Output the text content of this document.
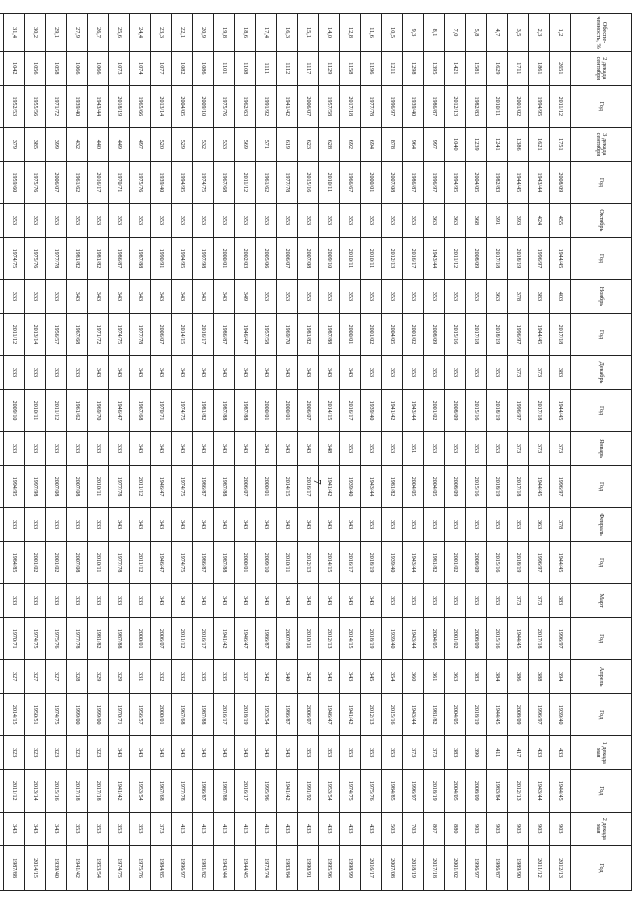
7
Обеспе-ченность, %	2 декада сентября	Год	3 декада сентября	Год	Октябрь	Год	Ноябрь	Год	Декабрь	Год	Январь	Год	Февраль	Год	Март	Год	Апрель	Год	1 декада мая	Год	2 декада мая	Год
1,2	2651	2011/12	1751	2008/09	455	1944/45	403	2017/18	383	1944/45	373	1996/97	378	1944/45	383	1996/97	394	1939/40	433	1944/45	903	2012/13
2,3	1861	1994/95	1621	1943/44	424	1996/97	383	1944/45	373	2017/18	373	1944/45	363	1996/97	373	2017/18	388	1996/97	433	1943/44	903	2011/12
3,5	1711	2001/02	1386	1944/45	393	2018/19	378	1996/97	373	1996/97	373	2017/18	353	2018/19	373	1944/45	386	2008/09	417	2012/13	903	1989/90
4,7	1629	2010/11	1241	1982/83	391	2017/18	363	2018/19	353	2018/19	353	2018/19	353	2015/16	353	2015/16	384	1944/45	411	1983/84	903	1986/87
5,8	1581	1982/83	1239	2004/05	368	2008/09	353	2017/18	353	2015/16	353	2015/16	353	2008/09	353	2008/09	383	2018/19	390	2008/09	903	1996/97
7,0	1421	2012/13	1040	1994/95	363	2011/12	353	2015/16	353	2008/09	353	2008/09	353	2001/02	353	2001/02	363	2004/05	383	2004/05	880	2001/02
8,1	1395	1986/87	997	1996/97	363	1943/44	353	2008/09	353	2001/02	353	2004/05	353	1981/82	353	2004/05	361	1981/82	373	2018/19	807	2017/18
9,3	1298	1939/40	964	1986/87	353	2016/17	353	2001/02	353	1943/44	351	2004/05	353	1943/44	353	1943/44	360	1943/44	373	1996/97	703	2018/19
10,5	1211	1996/97	878	2007/08	353	2012/13	353	2004/05	353	1941/42	353	1981/82	353	1939/40	353	1939/40	354	2015/16	353	1984/85	503	2007/08
11,6	1196	1977/78	694	2000/01	353	2010/11	353	2001/02	353	1939/40	353	1943/44	353	2018/19	343	2018/19	345	2012/13	353	1975/76	433	2016/17
12,8	1158	2017/18	692	1966/67	353	2010/11	353	2000/01	343	2016/17	353	1939/40	343	2016/17	343	2014/15	343	1941/42	353	1974/75	433	1998/99
14,0	1129	1957/58	628	2010/11	353	2009/10	353	1987/88	343	2014/15	348	1941/42	343	2014/15	343	2012/13	343	1946/47	353	1953/54	433	1995/96
15,1	1117	2006/07	623	2015/16	353	2007/08	353	1981/82	343	2006/07	343	2016/17	343	2012/13	343	2010/11	342	2006/07	353	1991/92	433	1990/91
16,3	1112	1941/42	619	1977/78	353	2006/07	353	1969/70	343	2000/01	343	2014/15	343	2010/11	343	2007/08	340	1986/87	343	1941/42	433	1983/84
17,4	1111	1991/92	571	1961/62	353	2005/06	353	1957/58	343	2000/01	343	2000/01	343	2009/10	343	1986/87	342	1953/54	343	1995/96	413	1973/74
18,6	1108	1962/63	569	2011/12	353	2002/03	349	1946/47	343	1987/88	343	2006/07	343	2000/01	343	1946/47	337	2018/19	343	2016/17	413	1944/45
19,8	1101	1975/76	533	1967/68	353	2000/01	343	1986/87	343	1987/88	343	1987/88	343	1987/88	343	1941/42	335	2016/17	343	1987/88	413	1943/44
20,9	1086	2009/10	532	1974/75	353	1997/98	343	2016/17	343	1981/82	343	1986/87	343	1986/87	343	2016/17	335	1987/88	343	1986/87	413	1981/82
22,1	1082	2004/05	529	1994/95	353	1994/95	343	2014/15	343	1974/75	343	1974/75	343	1974/75	343	2011/12	332	1967/68	343	1977/78	413	1996/97
23,3	1077	2013/14	520	1939/40	353	1990/91	343	2006/07	343	1970/71	343	1946/47	343	1946/47	343	2006/07	332	2000/01	343	1967/68	373	1984/85
24,4	1074	1965/66	497	1975/76	353	1987/88	343	1977/78	343	1967/68	343	2011/12	343	2011/12	333	2000/01	331	1956/57	343	1953/54	353	1975/76
25,6	1073	2018/19	449	1970/71	353	1986/87	343	1974/75	343	1946/47	333	1977/78	343	1977/78	333	1987/88	329	1970/71	343	1941/42	353	1974/75
26,7	1066	1943/44	440	2016/17	353	1981/82	343	1971/72	343	1969/70	333	2010/11	333	2010/11	333	1981/82	329	1999/00	323	2017/18	353	1953/54
27,9	1066	1939/40	432	1961/62	353	1981/82	343	1967/68	333	1961/62	333	2007/08	333	2007/08	333	1977/78	328	1999/00	323	2017/18	353	1941/42
29,1	1058	1971/72	399	2006/07	353	1977/78	333	1956/57	333	2011/12	333	2007/08	333	2001/02	333	1975/76	327	1974/75	323	2015/16	343	1939/40
30,2	1056	1955/56	385	1975/76	353	1975/76	333	2013/14	333	2010/11	333	1997/98	333	2001/02	333	1974/75	327	1950/51	323	2013/14	343	2014/15
31,4	1042	1952/53	379	1959/60	353	1974/75	333	2011/12	333	2009/10	333	1994/95	333	1984/85	333	1970/71	327	2014/15	323	2011/12	343	1987/88
